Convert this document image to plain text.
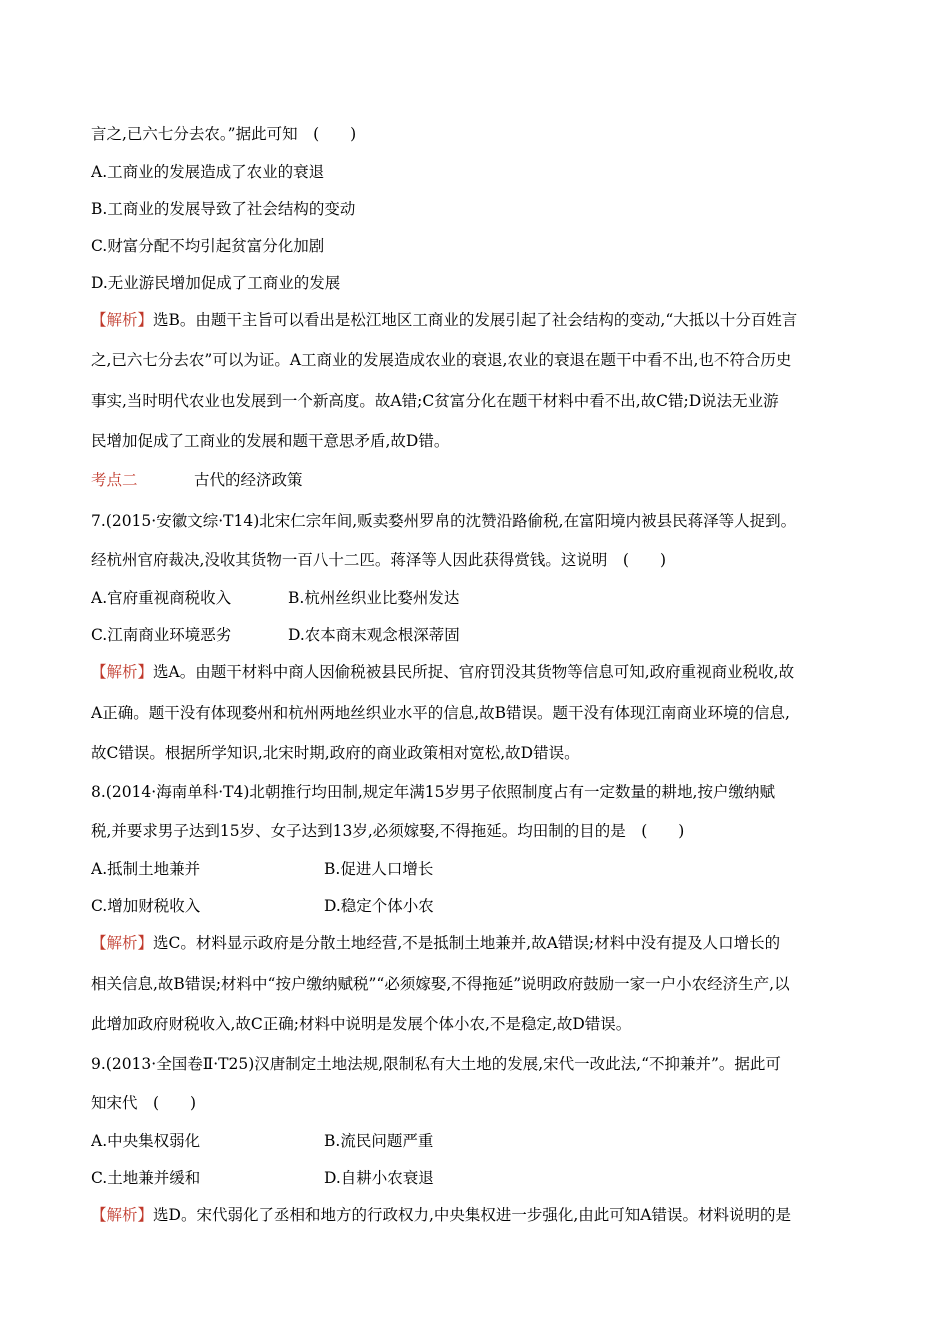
言之,已六七分去农。”据此可知　(　　)
A.工商业的发展造成了农业的衰退
B.工商业的发展导致了社会结构的变动
C.财富分配不均引起贫富分化加剧
D.无业游民增加促成了工商业的发展
【解析】选B。由题干主旨可以看出是松江地区工商业的发展引起了社会结构的变动,“大抵以十分百姓言
之,已六七分去农”可以为证。A工商业的发展造成农业的衰退,农业的衰退在题干中看不出,也不符合历史
事实,当时明代农业也发展到一个新高度。故A错;C贫富分化在题干材料中看不出,故C错;D说法无业游
民增加促成了工商业的发展和题干意思矛盾,故D错。
考点二	古代的经济政策
7.(2015·安徽文综·T14)北宋仁宗年间,贩卖婺州罗帛的沈赞沿路偷税,在富阳境内被县民蒋泽等人捉到。
经杭州官府裁决,没收其货物一百八十二匹。蒋泽等人因此获得赏钱。这说明　(　　)
A.官府重视商税收入	B.杭州丝织业比婺州发达
C.江南商业环境恶劣	D.农本商末观念根深蒂固
【解析】选A。由题干材料中商人因偷税被县民所捉、官府罚没其货物等信息可知,政府重视商业税收,故
A正确。题干没有体现婺州和杭州两地丝织业水平的信息,故B错误。题干没有体现江南商业环境的信息,
故C错误。根据所学知识,北宋时期,政府的商业政策相对宽松,故D错误。
8.(2014·海南单科·T4)北朝推行均田制,规定年满15岁男子依照制度占有一定数量的耕地,按户缴纳赋
税,并要求男子达到15岁、女子达到13岁,必须嫁娶,不得拖延。均田制的目的是　(　　)
A.抵制土地兼并	B.促进人口增长
C.增加财税收入	D.稳定个体小农
【解析】选C。材料显示政府是分散土地经营,不是抵制土地兼并,故A错误;材料中没有提及人口增长的
相关信息,故B错误;材料中“按户缴纳赋税”“必须嫁娶,不得拖延”说明政府鼓励一家一户小农经济生产,以
此增加政府财税收入,故C正确;材料中说明是发展个体小农,不是稳定,故D错误。
9.(2013·全国卷Ⅱ·T25)汉唐制定土地法规,限制私有大土地的发展,宋代一改此法,“不抑兼并”。据此可
知宋代　(　　)
A.中央集权弱化	B.流民问题严重
C.土地兼并缓和	D.自耕小农衰退
【解析】选D。宋代弱化了丞相和地方的行政权力,中央集权进一步强化,由此可知A错误。材料说明的是
